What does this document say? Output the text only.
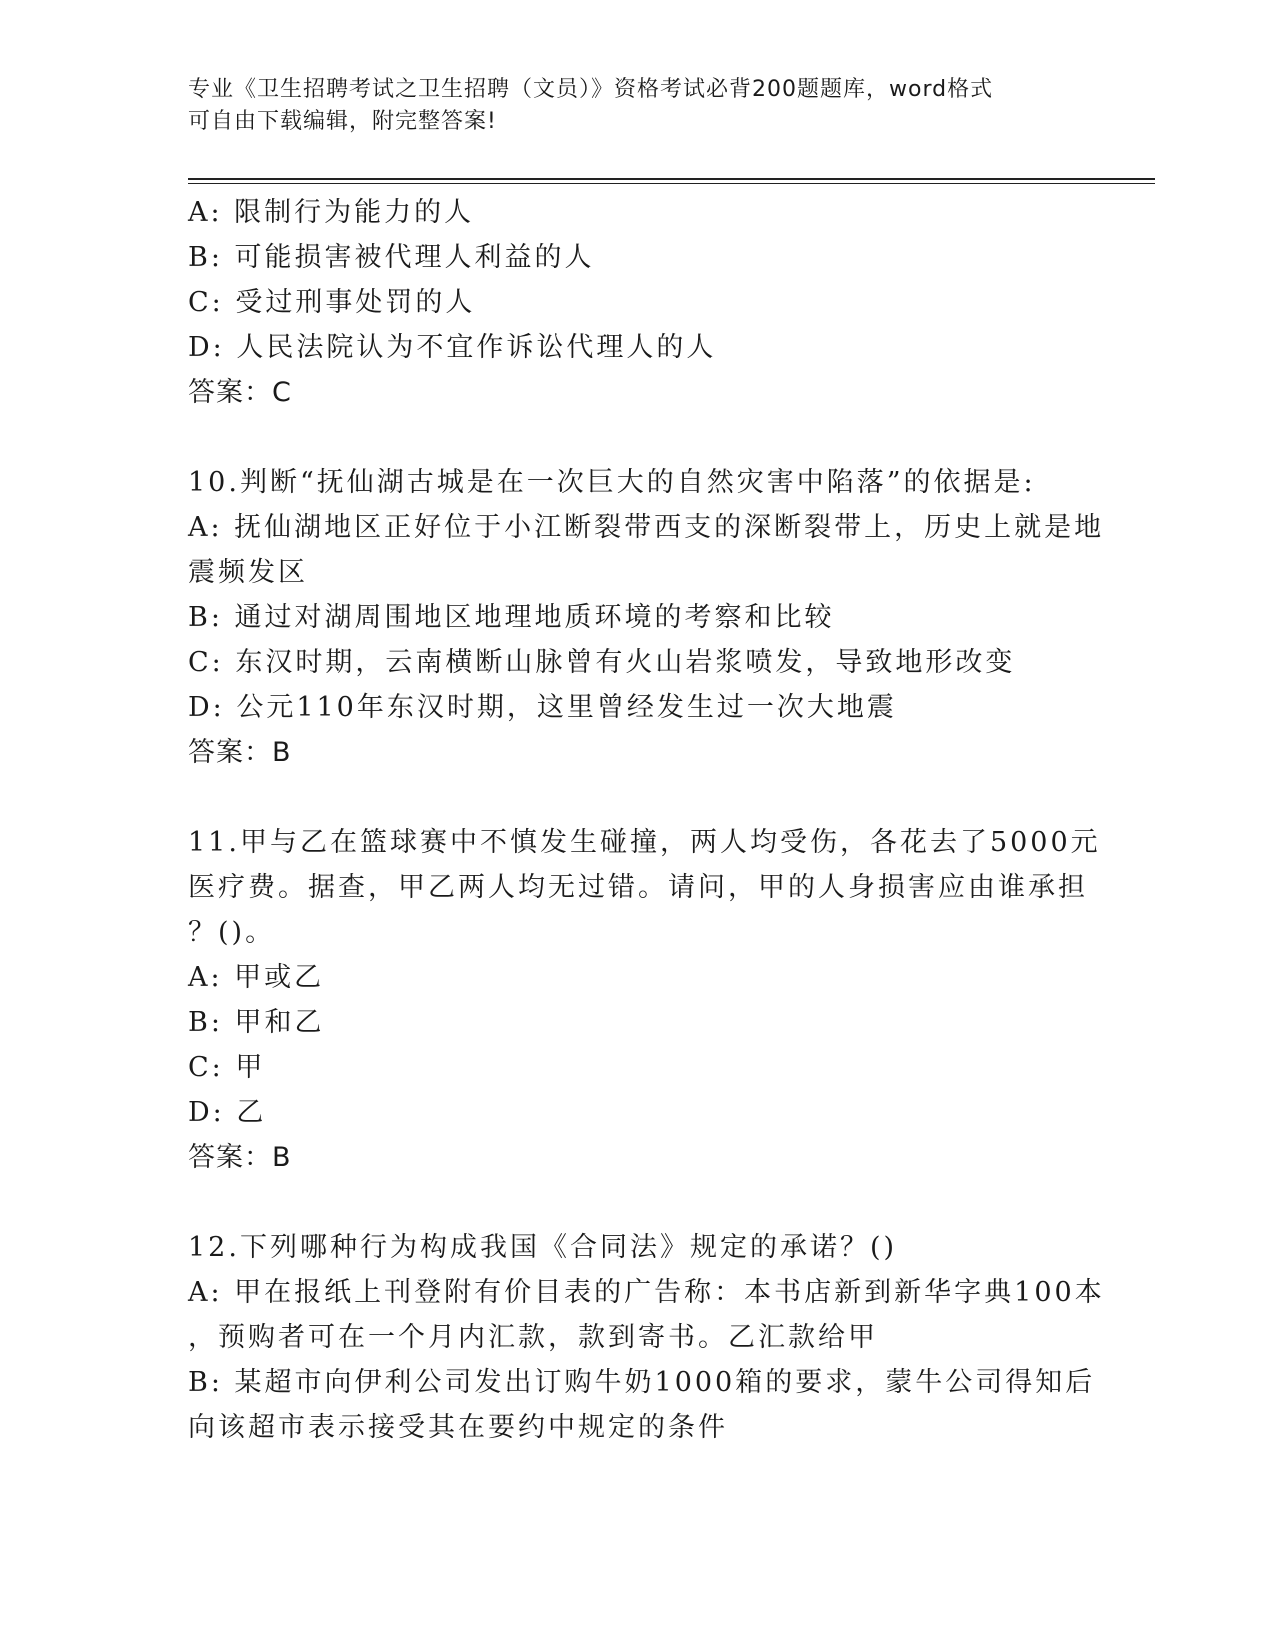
专业《卫生招聘考试之卫生招聘（文员）》资格考试必背200题题库，word格式
可自由下载编辑，附完整答案!
A: 限制行为能力的人
B: 可能损害被代理人利益的人
C: 受过刑事处罚的人
D: 人民法院认为不宜作诉讼代理人的人
答案：C
10.判断“抚仙湖古城是在一次巨大的自然灾害中陷落”的依据是:
A: 抚仙湖地区正好位于小江断裂带西支的深断裂带上，历史上就是地
震频发区
B: 通过对湖周围地区地理地质环境的考察和比较
C: 东汉时期，云南横断山脉曾有火山岩浆喷发，导致地形改变
D: 公元110年东汉时期，这里曾经发生过一次大地震
答案：B
11.甲与乙在篮球赛中不慎发生碰撞，两人均受伤，各花去了5000元
医疗费。据查，甲乙两人均无过错。请问，甲的人身损害应由谁承担
？()。
A: 甲或乙
B: 甲和乙
C: 甲
D: 乙
答案：B
12.下列哪种行为构成我国《合同法》规定的承诺？()
A: 甲在报纸上刊登附有价目表的广告称：本书店新到新华字典100本
，预购者可在一个月内汇款，款到寄书。乙汇款给甲
B: 某超市向伊利公司发出订购牛奶1000箱的要求，蒙牛公司得知后
向该超市表示接受其在要约中规定的条件
